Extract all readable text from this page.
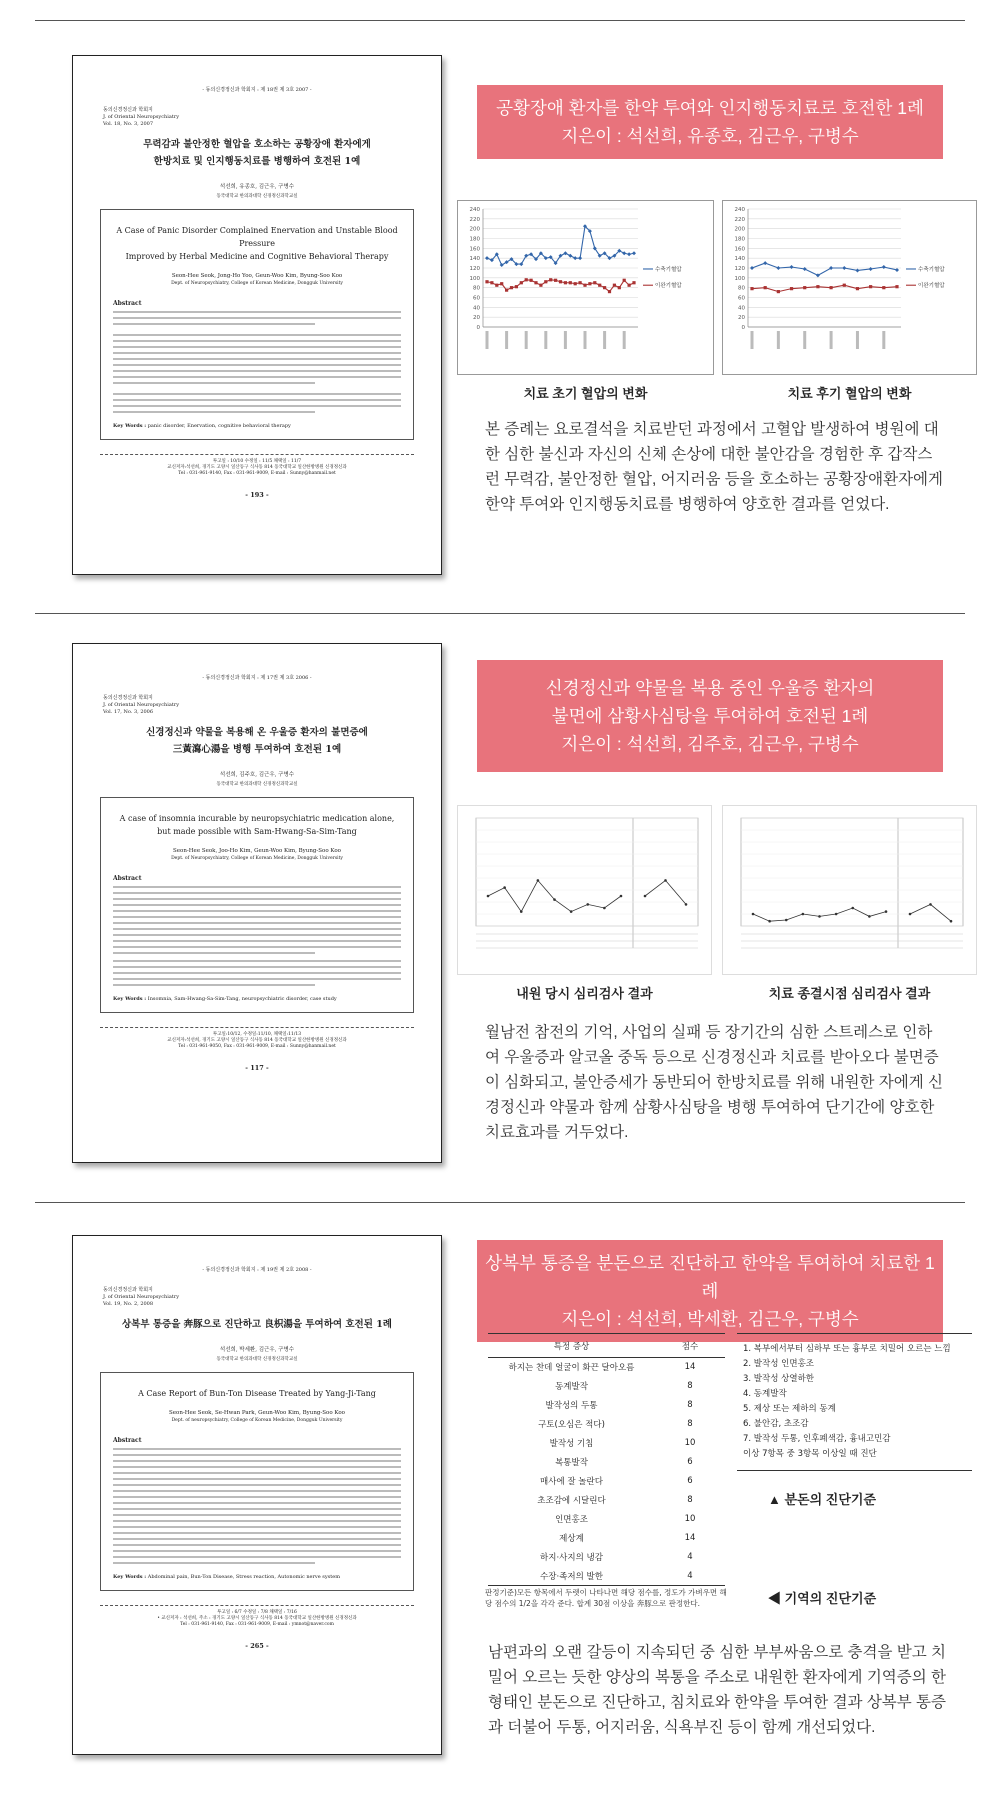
- 동의신경정신과 학회지 : 제 18권 제 3호 2007 -
동의신경정신과 학회지
J. of Oriental Neuropsychiatry
Vol. 18, No. 3, 2007
무력감과 불안정한 혈압을 호소하는 공황장애 환자에게
한방치료 및 인지행동치료를 병행하여 호전된 1예
석선희, 유종호, 김근우, 구병수
동국대학교 한의과대학 신경정신과학교실
A Case of Panic Disorder Complained Enervation and Unstable Blood Pressure
Improved by Herbal Medicine and Cognitive Behavioral Therapy
Seon-Hee Seok, Jong-Ho Yoo, Geun-Woo Kim, Byung-Soo Koo
Dept. of Neuropsychiatry, College of Korean Medicine, Dongguk University
Abstract
Key Words : panic disorder, Enervation, cognitive behavioral therapy
투고일 : 10/10 수정일 : 11/5 채택일 : 11/7
교신저자:석선희, 경기도 고양시 일산동구 식사동 814 동국대학교 일산한방병원 신경정신과
Tel : 031-961-9140, Fax : 031-961-9009, E-mail : Sunny@hanmail.net
- 193 -
공황장애 환자를 한약 투여와 인지행동치료로 호전한 1례
지은이 : 석선희, 유종호, 김근우, 구병수
0
20
40
60
80
100
120
140
160
180
200
220
240
수축기혈압
이완기혈압
0
20
40
60
80
100
120
140
160
180
200
220
240
수축기혈압
이완기혈압
치료 초기 혈압의 변화	치료 후기 혈압의 변화
본 증례는 요로결석을 치료받던 과정에서 고혈압 발생하여 병원에 대한 심한 불신과 자신의 신체 손상에 대한 불안감을 경험한 후 갑작스런 무력감, 불안정한 혈압, 어지러움 등을 호소하는 공황장애환자에게 한약 투여와 인지행동치료를 병행하여 양호한 결과를 얻었다.
- 동의신경정신과 학회지 : 제 17권 제 3호 2006 -
동의신경정신과 학회지
J. of Oriental Neuropsychiatry
Vol. 17, No. 3, 2006
신경정신과 약물을 복용해 온 우울증 환자의 불면증에
三黃瀉心湯을 병행 투여하여 호전된 1예
석선희, 김주호, 김근우, 구병수
동국대학교 한의과대학 신경정신과학교실
A case of insomnia incurable by neuropsychiatric medication alone,
but made possible with Sam-Hwang-Sa-Sim-Tang
Seon-Hee Seok, Joo-Ho Kim, Geun-Woo Kim, Byung-Soo Koo
Dept. of Neuropsychiatry, College of Korean Medicine, Dongguk University
Abstract
Key Words : Insomnia, Sam-Hwang-Sa-Sim-Tang, neuropsychiatric disorder, case study
투고일:10/12, 수정일:11/10, 채택일:11/13
교신저자:석선희, 경기도 고양시 일산동구 식사동 814 동국대학교 일산한방병원 신경정신과
Tel : 031-961-9050, Fax : 031-961-9009, E-mail : Sunny@hanmail.net
- 117 -
신경정신과 약물을 복용 중인 우울증 환자의
불면에 삼황사심탕을 투여하여 호전된 1례
지은이 : 석선희, 김주호, 김근우, 구병수
내원 당시 심리검사 결과	치료 종결시점 심리검사 결과
월남전 참전의 기억, 사업의 실패 등 장기간의 심한 스트레스로 인하여 우울증과 알코올 중독 등으로 신경정신과 치료를 받아오다 불면증이 심화되고, 불안증세가 동반되어 한방치료를 위해 내원한 자에게 신경정신과 약물과 함께 삼황사심탕을 병행 투여하여 단기간에 양호한 치료효과를 거두었다.
- 동의신경정신과 학회지 : 제 19권 제 2호 2008 -
동의신경정신과 학회지
J. of Oriental Neuropsychiatry
Vol. 19, No. 2, 2008
상복부 통증을 奔豚으로 진단하고 良枳湯을 투여하여 호전된 1례
석선희, 박세환, 김근우, 구병수
동국대학교 한의과대학 신경정신과학교실
A Case Report of Bun-Ton Disease Treated by Yang-Ji-Tang
Seon-Hee Seok, Se-Hwan Park, Geun-Woo Kim, Byung-Soo Koo
Dept. of neuropsychiatry, College of Korean Medicine, Dongguk University
Abstract
Key Words : Abdominal pain, Bun-Ton Disease, Stress reaction, Autonomic nerve system
투고일 : 6/7 수정일 : 7/8 채택일 : 7/16
• 교신저자 : 석선희, 주소 : 경기도 고양시 일산동구 식사동 814 동국대학교 일산한방병원 신경정신과
Tel : 031-961-9140, Fax : 031-961-9009, E-mail : ymnot@naver.com
- 265 -
상복부 통증을 분돈으로 진단하고 한약을 투여하여 치료한 1례
지은이 : 석선희, 박세환, 김근우, 구병수
특정 증상	점수
하지는 찬데 얼굴이 화끈 달아오름	14
동계발작	8
발작성의 두통	8
구토(오심은 적다)	8
발작성 기침	10
복통발작	6
매사에 잘 놀란다	6
초조감에 시달린다	8
인면홍조	10
제상계	14
하지·사지의 냉감	4
수장·족저의 발한	4
판정기준)모든 항목에서 두렛이 나타나면 해당 점수를, 정도가 가벼우면 해당 점수의 1/2을 각각 준다. 합계 30점 이상을 奔豚으로 판정한다.
1. 복부에서부터 심하부 또는 흉부로 치밀어 오르는 느낌
2. 발작성 인면홍조
3. 발작성 상열하한
4. 동계발작
5. 제상 또는 제하의 동계
6. 불안감, 초조감
7. 발작성 두통, 인후폐색감, 흉내고민감
이상 7항목 중 3항목 이상일 때 진단
▲ 분돈의 진단기준
◀ 기역의 진단기준
남편과의 오랜 갈등이 지속되던 중 심한 부부싸움으로 충격을 받고 치밀어 오르는 듯한 양상의 복통을 주소로 내원한 환자에게 기역증의 한 형태인 분돈으로 진단하고, 침치료와 한약을 투여한 결과 상복부 통증과 더불어 두통, 어지러움, 식욕부진 등이 함께 개선되었다.
